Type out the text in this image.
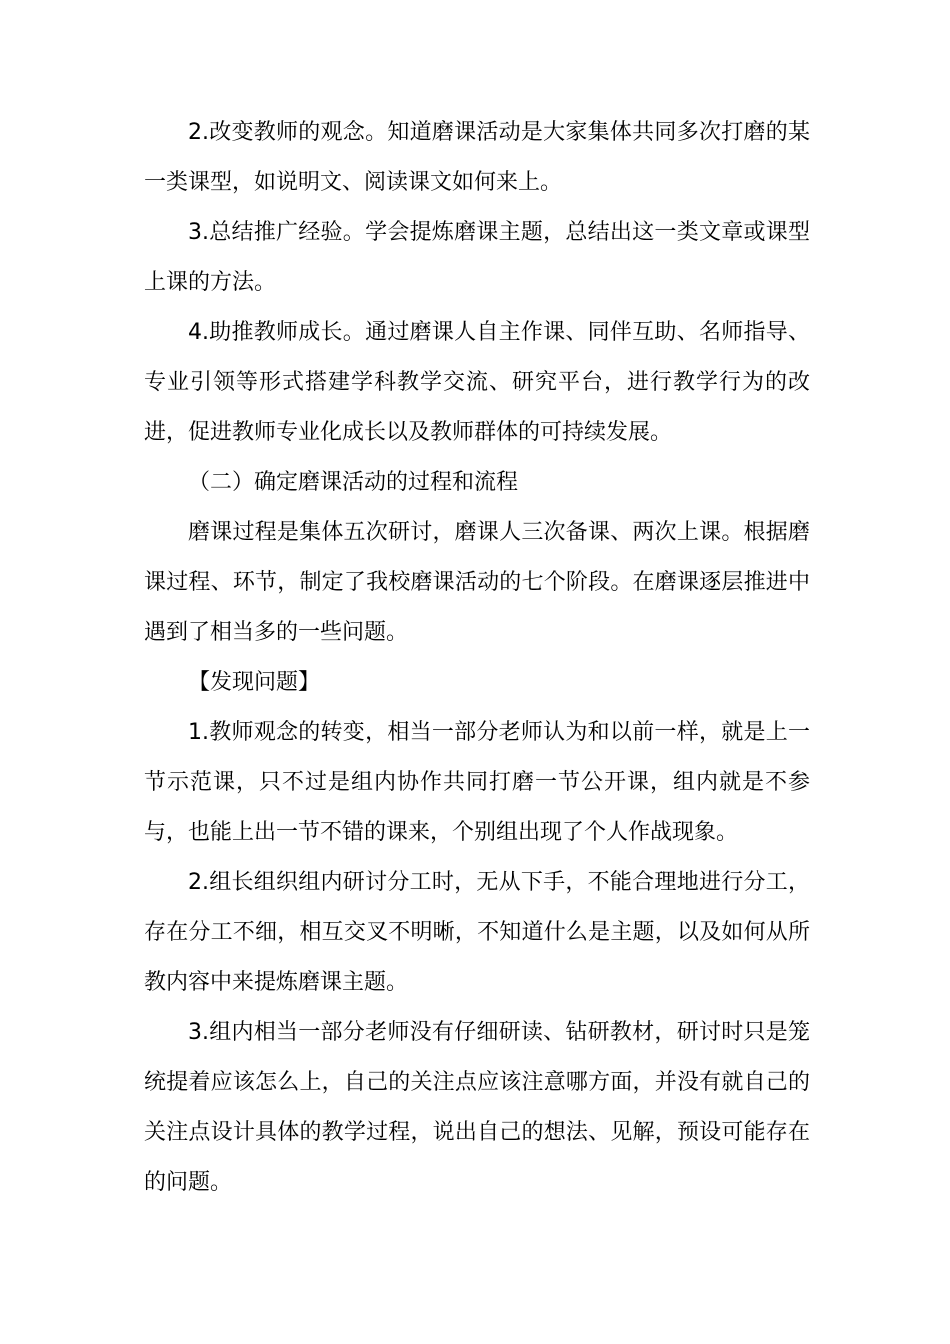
2.改变教师的观念。知道磨课活动是大家集体共同多次打磨的某一类课型，如说明文、阅读课文如何来上。

3.总结推广经验。学会提炼磨课主题，总结出这一类文章或课型上课的方法。

4.助推教师成长。通过磨课人自主作课、同伴互助、名师指导、专业引领等形式搭建学科教学交流、研究平台，进行教学行为的改进，促进教师专业化成长以及教师群体的可持续发展。

（二）确定磨课活动的过程和流程

磨课过程是集体五次研讨，磨课人三次备课、两次上课。根据磨课过程、环节，制定了我校磨课活动的七个阶段。在磨课逐层推进中遇到了相当多的一些问题。

【发现问题】

1.教师观念的转变，相当一部分老师认为和以前一样，就是上一节示范课，只不过是组内协作共同打磨一节公开课，组内就是不参与，也能上出一节不错的课来，个别组出现了个人作战现象。

2.组长组织组内研讨分工时，无从下手，不能合理地进行分工，存在分工不细，相互交叉不明晰，不知道什么是主题，以及如何从所教内容中来提炼磨课主题。

3.组内相当一部分老师没有仔细研读、钻研教材，研讨时只是笼统提着应该怎么上，自己的关注点应该注意哪方面，并没有就自己的关注点设计具体的教学过程，说出自己的想法、见解，预设可能存在的问题。
